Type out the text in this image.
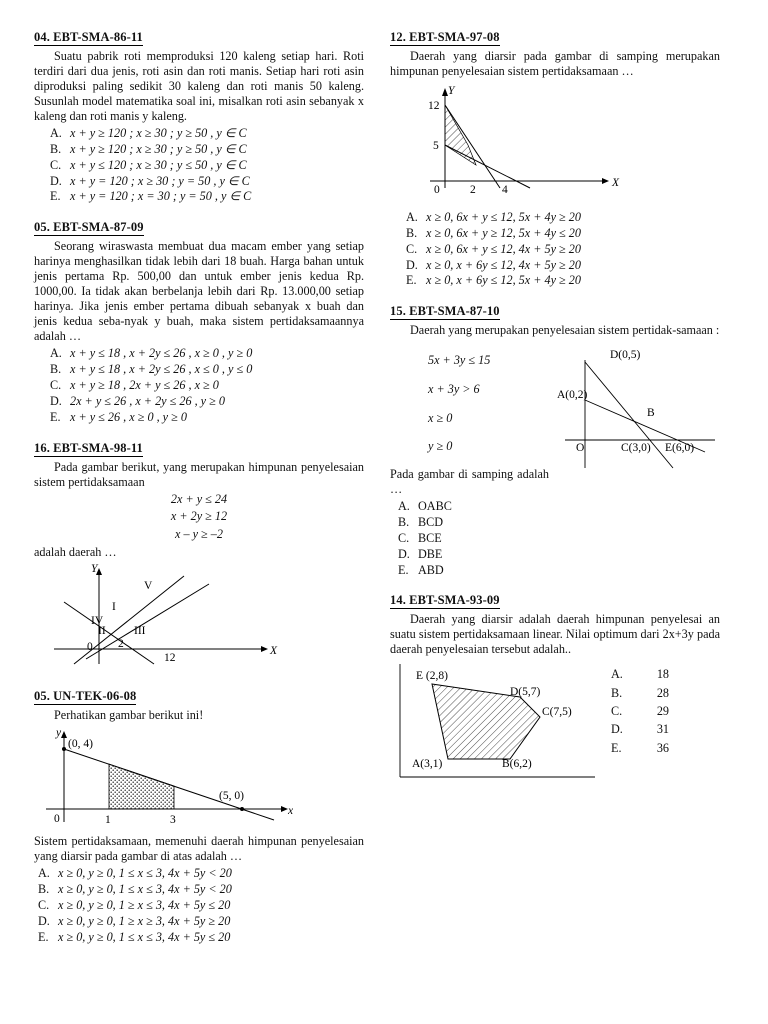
04. EBT-SMA-86-11

Suatu pabrik roti memproduksi 120 kaleng setiap hari. Roti terdiri dari dua jenis, roti asin dan roti manis. Setiap hari roti asin diproduksi paling sedikit 30 kaleng dan roti manis 50 kaleng. Susunlah model matematika soal ini, misalkan roti asin sebanyak x kaleng dan roti manis y kaleng.

A. x + y ≥ 120 ; x ≥ 30 ; y ≥ 50 , y ∈ C
B. x + y ≥ 120 ; x ≥ 30 ; y ≥ 50 , y ∈ C
C. x + y ≤ 120 ; x ≥ 30 ; y ≤ 50 , y ∈ C
D. x + y = 120 ; x ≥ 30 ; y = 50 , y ∈ C
E. x + y = 120 ; x = 30 ; y = 50 , y ∈ C
05. EBT-SMA-87-09

Seorang wiraswasta membuat dua macam ember yang setiap harinya menghasilkan tidak lebih dari 18 buah. Harga bahan untuk jenis pertama Rp. 500,00 dan untuk ember jenis kedua Rp. 1000,00. Ia tidak akan berbelanja lebih dari Rp. 13.000,00 setiap harinya. Jika jenis ember pertama dibuah sebanyak x buah dan jenis kedua seba-nyak y buah, maka sistem pertidaksamaannya adalah …

A. x + y ≤ 18 , x + 2y ≤ 26 , x ≥ 0 , y ≥ 0
B. x + y ≤ 18 , x + 2y ≤ 26 , x ≤ 0 , y ≤ 0
C. x + y ≥ 18 , 2x + y ≤ 26 , x ≥ 0
D. 2x + y ≤ 26 , x + 2y ≤ 26 , y ≥ 0
E. x + y ≤ 26 , x ≥ 0 , y ≥ 0
16. EBT-SMA-98-11

Pada gambar berikut, yang merupakan himpunan penyelesaian sistem pertidaksamaan

2x + y ≤ 24

x + 2y ≥ 12

x – y ≥ –2

adalah daerah …

Y
X
V
I
II III
IV
0 2
12
05. UN-TEK-06-08

Perhatikan gambar berikut ini!

y
x
(0, 4)
(5, 0)
0	1	3

Sistem pertidaksamaan, memenuhi daerah himpunan penyelesaian yang diarsir pada gambar di atas adalah …

A. x ≥ 0, y ≥ 0, 1 ≤ x ≤ 3, 4x + 5y < 20
B. x ≥ 0, y ≥ 0, 1 ≤ x ≤ 3, 4x + 5y < 20
C. x ≥ 0, y ≥ 0, 1 ≥ x ≤ 3, 4x + 5y ≤ 20
D. x ≥ 0, y ≥ 0, 1 ≥ x ≥ 3, 4x + 5y ≥ 20
E. x ≥ 0, y ≥ 0, 1 ≤ x ≤ 3, 4x + 5y ≤ 20
12. EBT-SMA-97-08

Daerah yang diarsir pada gambar di samping merupakan himpunan penyelesaian sistem pertidaksamaan …

Y
X
12
5
0	2 4
A. x ≥ 0, 6x + y ≤ 12, 5x + 4y ≥ 20
B. x ≥ 0, 6x + y ≥ 12, 5x + 4y ≤ 20
C. x ≥ 0, 6x + y ≤ 12, 4x + 5y ≥ 20
D. x ≥ 0, x + 6y ≤ 12, 4x + 5y ≥ 20
E. x ≥ 0, x + 6y ≤ 12, 5x + 4y ≥ 20
15. EBT-SMA-87-10

Daerah yang merupakan penyelesaian sistem pertidak-samaan :

5x + 3y ≤ 15

x + 3y > 6

x ≥ 0

y ≥ 0

Pada gambar di samping adalah …

A. OABC
B. BCD
C. BCE
D. DBE
E. ABD
D(0,5)
A(0,2)
B
O	C(3,0) E(6,0)
14. EBT-SMA-93-09

Daerah yang diarsir adalah daerah himpunan penyelesai an suatu sistem pertidaksamaan linear. Nilai optimum dari 2x+3y pada daerah penyelesaian tersebut adalah..

E (2,8)
D(5,7)
C(7,5)
A(3,1)	B(6,2)
A.	18
B.	28
C.	29
D.	31
E.	36
